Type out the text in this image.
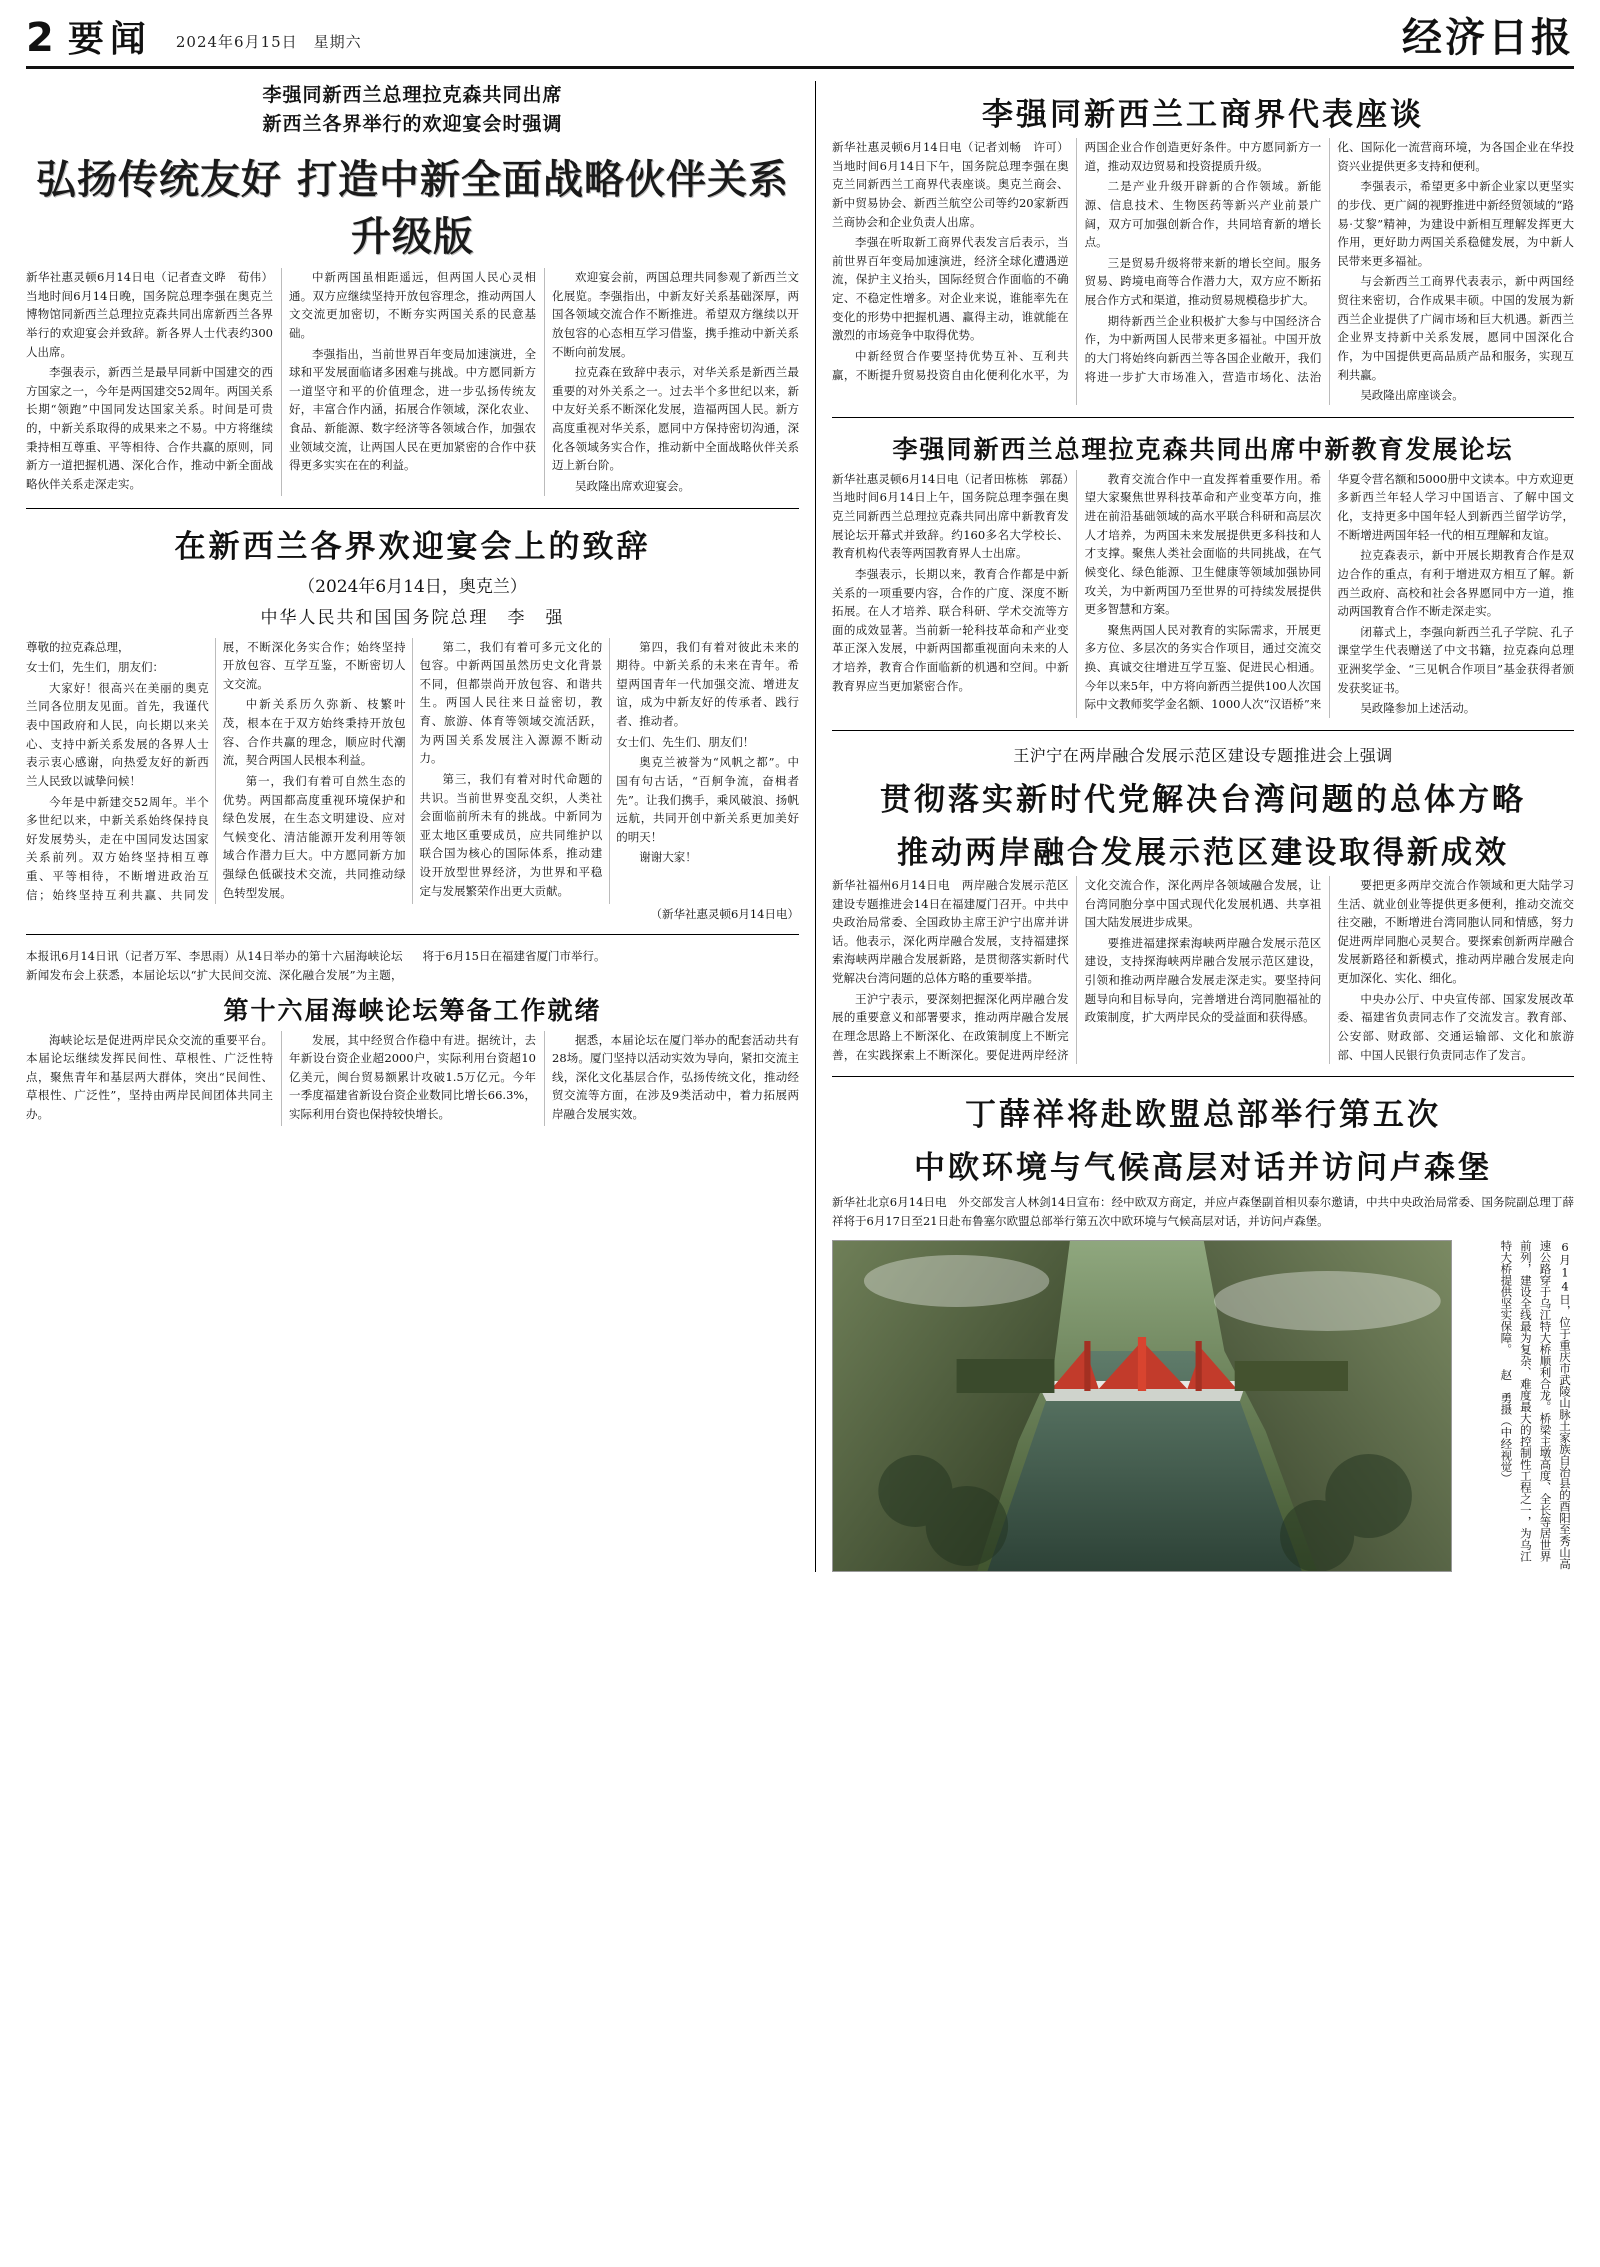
2 要闻 2024年6月15日　星期六	经济日报
李强同新西兰总理拉克森共同出席
新西兰各界举行的欢迎宴会时强调
弘扬传统友好 打造中新全面战略伙伴关系升级版

新华社惠灵顿6月14日电（记者查文晔　荀伟）当地时间6月14日晚，国务院总理李强在奥克兰博物馆同新西兰总理拉克森共同出席新西兰各界举行的欢迎宴会并致辞。新各界人士代表约300人出席。

李强表示，新西兰是最早同新中国建交的西方国家之一，今年是两国建交52周年。两国关系长期“领跑”中国同发达国家关系。时间是可贵的，中新关系取得的成果来之不易。中方将继续秉持相互尊重、平等相待、合作共赢的原则，同新方一道把握机遇、深化合作，推动中新全面战略伙伴关系走深走实。

中新两国虽相距遥远，但两国人民心灵相通。双方应继续坚持开放包容理念，推动两国人文交流更加密切，不断夯实两国关系的民意基础。

李强指出，当前世界百年变局加速演进，全球和平发展面临诸多困难与挑战。中方愿同新方一道坚守和平的价值理念，进一步弘扬传统友好，丰富合作内涵，拓展合作领域，深化农业、食品、新能源、数字经济等各领域合作，加强农业领域交流，让两国人民在更加紧密的合作中获得更多实实在在的利益。

欢迎宴会前，两国总理共同参观了新西兰文化展览。李强指出，中新友好关系基础深厚，两国各领域交流合作不断推进。希望双方继续以开放包容的心态相互学习借鉴，携手推动中新关系不断向前发展。

拉克森在致辞中表示，对华关系是新西兰最重要的对外关系之一。过去半个多世纪以来，新中友好关系不断深化发展，造福两国人民。新方高度重视对华关系，愿同中方保持密切沟通，深化各领域务实合作，推动新中全面战略伙伴关系迈上新台阶。

吴政隆出席欢迎宴会。

在新西兰各界欢迎宴会上的致辞
（2024年6月14日，奥克兰）
中华人民共和国国务院总理　李　强

尊敬的拉克森总理，

女士们，先生们，朋友们：

大家好！很高兴在美丽的奥克兰同各位朋友见面。首先，我谨代表中国政府和人民，向长期以来关心、支持中新关系发展的各界人士表示衷心感谢，向热爱友好的新西兰人民致以诚挚问候！

今年是中新建交52周年。半个多世纪以来，中新关系始终保持良好发展势头，走在中国同发达国家关系前列。双方始终坚持相互尊重、平等相待，不断增进政治互信；始终坚持互利共赢、共同发展，不断深化务实合作；始终坚持开放包容、互学互鉴，不断密切人文交流。

中新关系历久弥新、枝繁叶茂，根本在于双方始终秉持开放包容、合作共赢的理念，顺应时代潮流，契合两国人民根本利益。

第一，我们有着可自然生态的优势。两国都高度重视环境保护和绿色发展，在生态文明建设、应对气候变化、清洁能源开发利用等领域合作潜力巨大。中方愿同新方加强绿色低碳技术交流，共同推动绿色转型发展。

第二，我们有着可多元文化的包容。中新两国虽然历史文化背景不同，但都崇尚开放包容、和谐共生。两国人民往来日益密切，教育、旅游、体育等领域交流活跃，为两国关系发展注入源源不断动力。

第三，我们有着对时代命题的共识。当前世界变乱交织，人类社会面临前所未有的挑战。中新同为亚太地区重要成员，应共同维护以联合国为核心的国际体系，推动建设开放型世界经济，为世界和平稳定与发展繁荣作出更大贡献。

第四，我们有着对彼此未来的期待。中新关系的未来在青年。希望两国青年一代加强交流、增进友谊，成为中新友好的传承者、践行者、推动者。

女士们、先生们、朋友们！

奥克兰被誉为“风帆之都”。中国有句古话，“百舸争流，奋楫者先”。让我们携手，乘风破浪、扬帆远航，共同开创中新关系更加美好的明天！

谢谢大家！

（新华社惠灵顿6月14日电）

本报讯6月14日讯（记者万军、李思雨）从14日举办的第十六届海峡论坛新闻发布会上获悉，本届论坛以“扩大民间交流、深化融合发展”为主题，将于6月15日在福建省厦门市举行。

第十六届海峡论坛筹备工作就绪

海峡论坛是促进两岸民众交流的重要平台。本届论坛继续发挥民间性、草根性、广泛性特点，聚焦青年和基层两大群体，突出“民间性、草根性、广泛性”，坚持由两岸民间团体共同主办。

发展，其中经贸合作稳中有进。据统计，去年新设台资企业超2000户，实际利用台资超10亿美元，闽台贸易额累计攻破1.5万亿元。今年一季度福建省新设台资企业数同比增长66.3%，实际利用台资也保持较快增长。

据悉，本届论坛在厦门举办的配套活动共有28场。厦门坚持以活动实效为导向，紧扣交流主线，深化文化基层合作，弘扬传统文化，推动经贸交流等方面，在涉及9类活动中，着力拓展两岸融合发展实效。

李强同新西兰工商界代表座谈

新华社惠灵顿6月14日电（记者刘畅　许可）当地时间6月14日下午，国务院总理李强在奥克兰同新西兰工商界代表座谈。奥克兰商会、新中贸易协会、新西兰航空公司等约20家新西兰商协会和企业负责人出席。

李强在听取新工商界代表发言后表示，当前世界百年变局加速演进，经济全球化遭遇逆流，保护主义抬头，国际经贸合作面临的不确定、不稳定性增多。对企业来说，谁能率先在变化的形势中把握机遇、赢得主动，谁就能在激烈的市场竞争中取得优势。

中新经贸合作要坚持优势互补、互利共赢，不断提升贸易投资自由化便利化水平，为两国企业合作创造更好条件。中方愿同新方一道，推动双边贸易和投资提质升级。

二是产业升级开辟新的合作领域。新能源、信息技术、生物医药等新兴产业前景广阔，双方可加强创新合作，共同培育新的增长点。

三是贸易升级将带来新的增长空间。服务贸易、跨境电商等合作潜力大，双方应不断拓展合作方式和渠道，推动贸易规模稳步扩大。

期待新西兰企业积极扩大参与中国经济合作，为中新两国人民带来更多福祉。中国开放的大门将始终向新西兰等各国企业敞开，我们将进一步扩大市场准入，营造市场化、法治化、国际化一流营商环境，为各国企业在华投资兴业提供更多支持和便利。

李强表示，希望更多中新企业家以更坚实的步伐、更广阔的视野推进中新经贸领域的“路易·艾黎”精神，为建设中新相互理解发挥更大作用，更好助力两国关系稳健发展，为中新人民带来更多福祉。

与会新西兰工商界代表表示，新中两国经贸往来密切，合作成果丰硕。中国的发展为新西兰企业提供了广阔市场和巨大机遇。新西兰企业界支持新中关系发展，愿同中国深化合作，为中国提供更高品质产品和服务，实现互利共赢。

吴政隆出席座谈会。

李强同新西兰总理拉克森共同出席中新教育发展论坛

新华社惠灵顿6月14日电（记者田栋栋　郭磊）当地时间6月14日上午，国务院总理李强在奥克兰同新西兰总理拉克森共同出席中新教育发展论坛开幕式并致辞。约160多名大学校长、教育机构代表等两国教育界人士出席。

李强表示，长期以来，教育合作都是中新关系的一项重要内容，合作的广度、深度不断拓展。在人才培养、联合科研、学术交流等方面的成效显著。当前新一轮科技革命和产业变革正深入发展，中新两国都重视面向未来的人才培养，教育合作面临新的机遇和空间。中新教育界应当更加紧密合作。

教育交流合作中一直发挥着重要作用。希望大家聚焦世界科技革命和产业变革方向，推进在前沿基础领域的高水平联合科研和高层次人才培养，为两国未来发展提供更多科技和人才支撑。聚焦人类社会面临的共同挑战，在气候变化、绿色能源、卫生健康等领域加强协同攻关，为中新两国乃至世界的可持续发展提供更多智慧和方案。

聚焦两国人民对教育的实际需求，开展更多方位、多层次的务实合作项目，通过交流交换、真诚交往增进互学互鉴、促进民心相通。今年以来5年，中方将向新西兰提供100人次国际中文教师奖学金名额、1000人次“汉语桥”来华夏令营名额和5000册中文读本。中方欢迎更多新西兰年轻人学习中国语言、了解中国文化，支持更多中国年轻人到新西兰留学访学，不断增进两国年轻一代的相互理解和友谊。

拉克森表示，新中开展长期教育合作是双边合作的重点，有利于增进双方相互了解。新西兰政府、高校和社会各界愿同中方一道，推动两国教育合作不断走深走实。

闭幕式上，李强向新西兰孔子学院、孔子课堂学生代表赠送了中文书籍，拉克森向总理亚洲奖学金、“三见帆合作项目”基金获得者颁发获奖证书。

吴政隆参加上述活动。

王沪宁在两岸融合发展示范区建设专题推进会上强调
贯彻落实新时代党解决台湾问题的总体方略
推动两岸融合发展示范区建设取得新成效

新华社福州6月14日电　两岸融合发展示范区建设专题推进会14日在福建厦门召开。中共中央政治局常委、全国政协主席王沪宁出席并讲话。他表示，深化两岸融合发展，支持福建探索海峡两岸融合发展新路，是贯彻落实新时代党解决台湾问题的总体方略的重要举措。

王沪宁表示，要深刻把握深化两岸融合发展的重要意义和部署要求，推动两岸融合发展在理念思路上不断深化、在政策制度上不断完善，在实践探索上不断深化。要促进两岸经济文化交流合作，深化两岸各领域融合发展，让台湾同胞分享中国式现代化发展机遇、共享祖国大陆发展进步成果。

要推进福建探索海峡两岸融合发展示范区建设，支持探海峡两岸融合发展示范区建设，引领和推动两岸融合发展走深走实。要坚持问题导向和目标导向，完善增进台湾同胞福祉的政策制度，扩大两岸民众的受益面和获得感。

要把更多两岸交流合作领域和更大陆学习生活、就业创业等提供更多便利，推动交流交往交融，不断增进台湾同胞认同和情感，努力促进两岸同胞心灵契合。要探索创新两岸融合发展新路径和新模式，推动两岸融合发展走向更加深化、实化、细化。

中央办公厅、中央宣传部、国家发展改革委、福建省负责同志作了交流发言。教育部、公安部、财政部、交通运输部、文化和旅游部、中国人民银行负责同志作了发言。

丁薛祥将赴欧盟总部举行第五次
中欧环境与气候高层对话并访问卢森堡

新华社北京6月14日电　外交部发言人林剑14日宣布：经中欧双方商定，并应卢森堡副首相贝泰尔邀请，中共中央政治局常委、国务院副总理丁薛祥将于6月17日至21日赴布鲁塞尔欧盟总部举行第五次中欧环境与气候高层对话，并访问卢森堡。

6月14日，位于重庆市武陵山脉土家族自治县的酉阳至秀山高速公路穿于乌江特大桥顺利合龙。桥梁主墩高度、全长等居世界前列，建设全线最为复杂、难度最大的控制性工程之一，为乌江特大桥提供坚实保障。 赵　勇摄（中经视觉）
